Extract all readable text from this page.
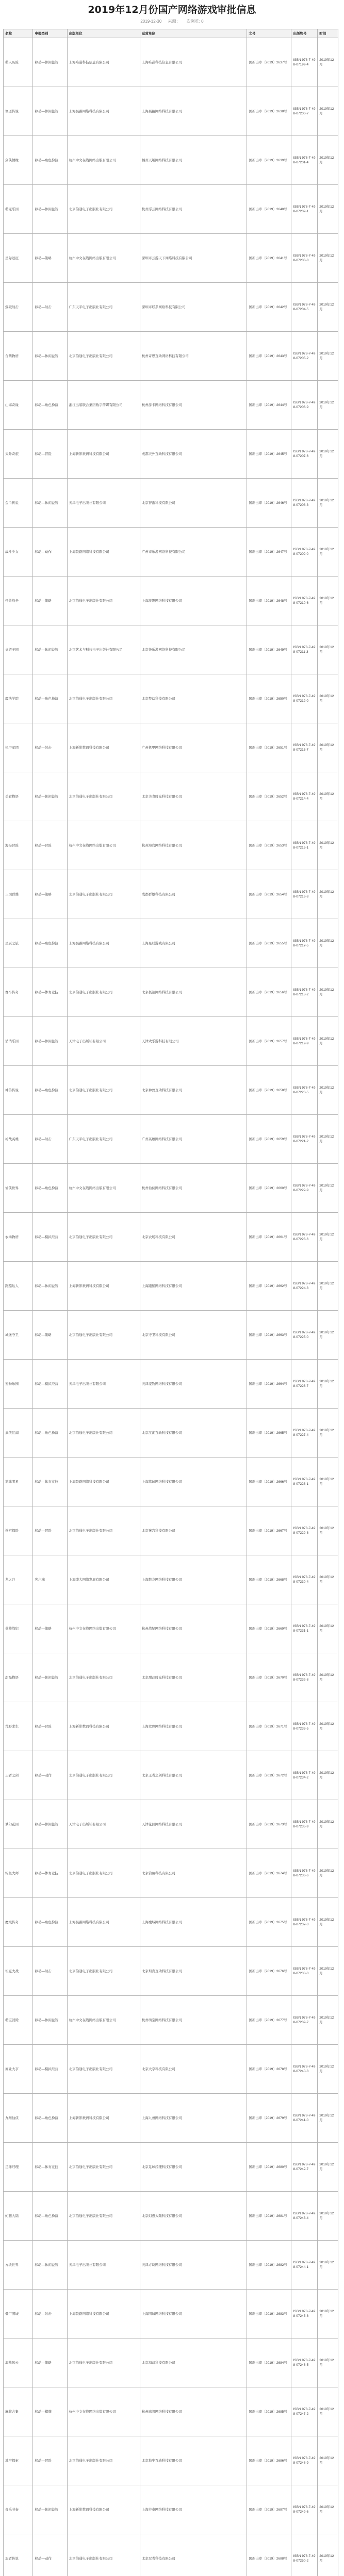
2019年12月份国产网络游戏审批信息
2019-12-30 来源： 次浏览: 0
名称	申报类别	出版单位	运营单位	文号	出版物号	时间
萌人历险	移动—休闲益智	上海唯晶科技信息有限公司	上海唯晶科技信息有限公司	国新出审〔2019〕2637号	ISBN 978-7-498-07199-4	2019年12月
修道传说	移动—休闲益智	上海晨路网络科技有限公司	上海晨路网络科技有限公司	国新出审〔2019〕2638号	ISBN 978-7-498-07200-7	2019年12月
剑侠情缘	移动—角色扮演	杭州中文在线网络出版有限公司	福州天趣网络科技有限公司	国新出审〔2019〕2639号	ISBN 978-7-498-07201-4	2019年12月
萌宠乐园	移动—休闲益智	北京伯通电子出版社有限公司	杭州浮云网络科技有限公司	国新出审〔2019〕2640号	ISBN 978-7-498-07202-1	2019年12月
星际远征	移动—策略	杭州中文在线网络出版有限公司	深圳市云游天下网络科技有限公司	国新出审〔2019〕2641号	ISBN 978-7-498-07203-8	2019年12月
爆破射击	移动—射击	广东天平电子出版社有限公司	深圳市联系网络科技有限公司	国新出审〔2019〕2642号	ISBN 978-7-498-07204-5	2019年12月
合萌物语	移动—休闲益智	北京伯通电子出版社有限公司	杭州奇思互动网络科技有限公司	国新出审〔2019〕2643号	ISBN 978-7-498-07205-2	2019年12月
山海奇缘	移动—角色扮演	浙江出版联合集团数字传媒有限公司	杭州游卡网络科技有限公司	国新出审〔2019〕2644号	ISBN 978-7-498-07206-9	2019年12月
天外奇旅	移动—冒险	上海新影数码科技有限公司	成都天外互动科技有限公司	国新出审〔2019〕2645号	ISBN 978-7-498-07207-6	2019年12月
金币传说	移动—休闲益智	天津电子出版社有限公司	北京智游科技有限公司	国新出审〔2019〕2646号	ISBN 978-7-498-07208-3	2019年12月
战斗少女	移动—动作	上海晨路网络科技有限公司	广州市乐游网络科技有限公司	国新出审〔2019〕2647号	ISBN 978-7-498-07209-0	2019年12月
怪兽战争	移动—策略	北京伯通电子出版社有限公司	上海游趣网络科技有限公司	国新出审〔2019〕2648号	ISBN 978-7-498-07210-6	2019年12月
桌游王国	移动—休闲益智	北京艺术与科技电子出版社有限公司	北京快乐游网络科技有限公司	国新出审〔2019〕2649号	ISBN 978-7-498-07211-3	2019年12月
魔法学院	移动—角色扮演	北京伯通电子出版社有限公司	北京梦幻科技有限公司	国新出审〔2019〕2650号	ISBN 978-7-498-07212-0	2019年12月
机甲军团	移动—射击	上海新影数码科技有限公司	广州机甲网络科技有限公司	国新出审〔2019〕2651号	ISBN 978-7-498-07213-7	2019年12月
美食物语	移动—休闲益智	北京伯通电子出版社有限公司	北京美食时光科技有限公司	国新出审〔2019〕2652号	ISBN 978-7-498-07214-4	2019年12月
海岛冒险	移动—冒险	杭州中文在线网络出版有限公司	杭州海岛网络科技有限公司	国新出审〔2019〕2653号	ISBN 978-7-498-07215-1	2019年12月
三国群雄	移动—策略	北京伯通电子出版社有限公司	成都群雄科技有限公司	国新出审〔2019〕2654号	ISBN 978-7-498-07216-8	2019年12月
星辰之旅	移动—角色扮演	上海晨路网络科技有限公司	上海星辰游戏有限公司	国新出审〔2019〕2655号	ISBN 978-7-498-07217-5	2019年12月
赛车传奇	移动—体育竞技	北京伯通电子出版社有限公司	北京极速网络科技有限公司	国新出审〔2019〕2656号	ISBN 978-7-498-07218-2	2019年12月
消消乐园	移动—休闲益智	天津电子出版社有限公司	天津欢乐游科技有限公司	国新出审〔2019〕2657号	ISBN 978-7-498-07219-9	2019年12月
神兽传说	移动—角色扮演	北京伯通电子出版社有限公司	北京神兽互动科技有限公司	国新出审〔2019〕2658号	ISBN 978-7-498-07220-5	2019年12月
枪战英雄	移动—射击	广东天平电子出版社有限公司	广州英雄网络科技有限公司	国新出审〔2019〕2659号	ISBN 978-7-498-07221-2	2019年12月
仙侠世界	移动—角色扮演	杭州中文在线网络出版有限公司	杭州仙侠网络科技有限公司	国新出审〔2019〕2660号	ISBN 978-7-498-07222-9	2019年12月
农场物语	移动—模拟经营	北京伯通电子出版社有限公司	北京农场科技有限公司	国新出审〔2019〕2661号	ISBN 978-7-498-07223-6	2019年12月
跑酷达人	移动—休闲益智	上海新影数码科技有限公司	上海跑酷网络科技有限公司	国新出审〔2019〕2662号	ISBN 978-7-498-07224-3	2019年12月
城堡守卫	移动—策略	北京伯通电子出版社有限公司	北京守卫科技有限公司	国新出审〔2019〕2663号	ISBN 978-7-498-07225-0	2019年12月
宠物乐园	移动—模拟经营	天津电子出版社有限公司	天津宠物网络科技有限公司	国新出审〔2019〕2664号	ISBN 978-7-498-07226-7	2019年12月
武侠江湖	移动—角色扮演	北京伯通电子出版社有限公司	北京江湖互动科技有限公司	国新出审〔2019〕2665号	ISBN 978-7-498-07227-4	2019年12月
篮球明星	移动—体育竞技	上海晨路网络科技有限公司	上海篮球网络科技有限公司	国新出审〔2019〕2666号	ISBN 978-7-498-07228-1	2019年12月
迷宫探险	移动—冒险	北京伯通电子出版社有限公司	北京迷宫科技有限公司	国新出审〔2019〕2667号	ISBN 978-7-498-07229-8	2019年12月
龙之谷	客户端	上海盛大网络发展有限公司	上海数龙网络科技有限公司	国新出审〔2019〕2668号	ISBN 978-7-498-07230-4	2019年12月
英雄战纪	移动—策略	杭州中文在线网络出版有限公司	杭州战纪网络科技有限公司	国新出审〔2019〕2669号	ISBN 978-7-498-07231-1	2019年12月
甜品物语	移动—休闲益智	北京伯通电子出版社有限公司	北京甜品时光科技有限公司	国新出审〔2019〕2670号	ISBN 978-7-498-07232-8	2019年12月
荒野求生	移动—冒险	上海新影数码科技有限公司	上海荒野网络科技有限公司	国新出审〔2019〕2671号	ISBN 978-7-498-07233-5	2019年12月
王者之剑	移动—动作	北京伯通电子出版社有限公司	北京王者之剑科技有限公司	国新出审〔2019〕2672号	ISBN 978-7-498-07234-2	2019年12月
梦幻花园	移动—休闲益智	天津电子出版社有限公司	天津花园网络科技有限公司	国新出审〔2019〕2673号	ISBN 978-7-498-07235-9	2019年12月
钓鱼大师	移动—体育竞技	北京伯通电子出版社有限公司	北京钓鱼科技有限公司	国新出审〔2019〕2674号	ISBN 978-7-498-07236-6	2019年12月
魔域传奇	移动—角色扮演	上海晨路网络科技有限公司	上海魔域网络科技有限公司	国新出审〔2019〕2675号	ISBN 978-7-498-07237-3	2019年12月
坦克大战	移动—射击	北京伯通电子出版社有限公司	北京坦克互动科技有限公司	国新出审〔2019〕2676号	ISBN 978-7-498-07238-0	2019年12月
萌宝消除	移动—休闲益智	杭州中文在线网络出版有限公司	杭州萌宝网络科技有限公司	国新出审〔2019〕2677号	ISBN 978-7-498-07239-7	2019年12月
商业大亨	移动—模拟经营	北京伯通电子出版社有限公司	北京大亨科技有限公司	国新出审〔2019〕2678号	ISBN 978-7-498-07240-3	2019年12月
九州仙侠	移动—角色扮演	上海新影数码科技有限公司	上海九州网络科技有限公司	国新出审〔2019〕2679号	ISBN 978-7-498-07241-0	2019年12月
足球经理	移动—体育竞技	北京伯通电子出版社有限公司	北京足球经理科技有限公司	国新出审〔2019〕2680号	ISBN 978-7-498-07242-7	2019年12月
幻想大陆	移动—角色扮演	北京伯通电子出版社有限公司	北京幻想大陆科技有限公司	国新出审〔2019〕2681号	ISBN 978-7-498-07243-4	2019年12月
方块世界	移动—休闲益智	天津电子出版社有限公司	天津方块网络科技有限公司	国新出审〔2019〕2682号	ISBN 978-7-498-07244-1	2019年12月
僵尸围城	移动—射击	上海晨路网络科技有限公司	上海围城网络科技有限公司	国新出审〔2019〕2683号	ISBN 978-7-498-07245-8	2019年12月
海战风云	移动—策略	北京伯通电子出版社有限公司	北京海战科技有限公司	国新出审〔2019〕2684号	ISBN 978-7-498-07246-5	2019年12月
麻将合集	移动—棋牌	杭州中文在线网络出版有限公司	杭州麻将网络科技有限公司	国新出审〔2019〕2685号	ISBN 978-7-498-07247-2	2019年12月
地牢探索	移动—冒险	北京伯通电子出版社有限公司	北京地牢互动科技有限公司	国新出审〔2019〕2686号	ISBN 978-7-498-07248-9	2019年12月
音乐节奏	移动—休闲益智	上海新影数码科技有限公司	上海节奏网络科技有限公司	国新出审〔2019〕2687号	ISBN 978-7-498-07249-6	2019年12月
忍者传说	移动—动作	北京伯通电子出版社有限公司	北京忍者科技有限公司	国新出审〔2019〕2688号	ISBN 978-7-498-07250-2	2019年12月
